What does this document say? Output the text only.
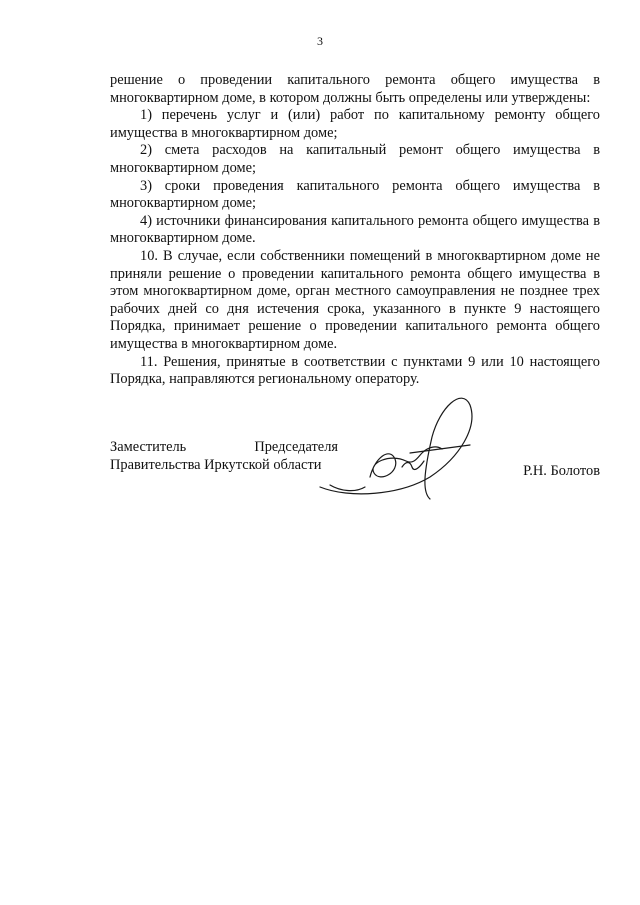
3

решение о проведении капитального ремонта общего имущества в многоквартирном доме, в котором должны быть определены или утверждены:

1) перечень услуг и (или) работ по капитальному ремонту общего имущества в многоквартирном доме;

2) смета расходов на капитальный ремонт общего имущества в многоквартирном доме;

3) сроки проведения капитального ремонта общего имущества в многоквартирном доме;

4) источники финансирования капитального ремонта общего имущества в многоквартирном доме.

10. В случае, если собственники помещений в многоквартирном доме не приняли решение о проведении капитального ремонта общего имущества в этом многоквартирном доме, орган местного самоуправления не позднее трех рабочих дней со дня истечения срока, указанного в пункте 9 настоящего Порядка, принимает решение о проведении капитального ремонта общего имущества в многоквартирном доме.

11. Решения, принятые в соответствии с пунктами 9 или 10 настоящего Порядка, направляются региональному оператору.

Заместитель	Председателя
Правительства Иркутской области	Р.Н. Болотов
